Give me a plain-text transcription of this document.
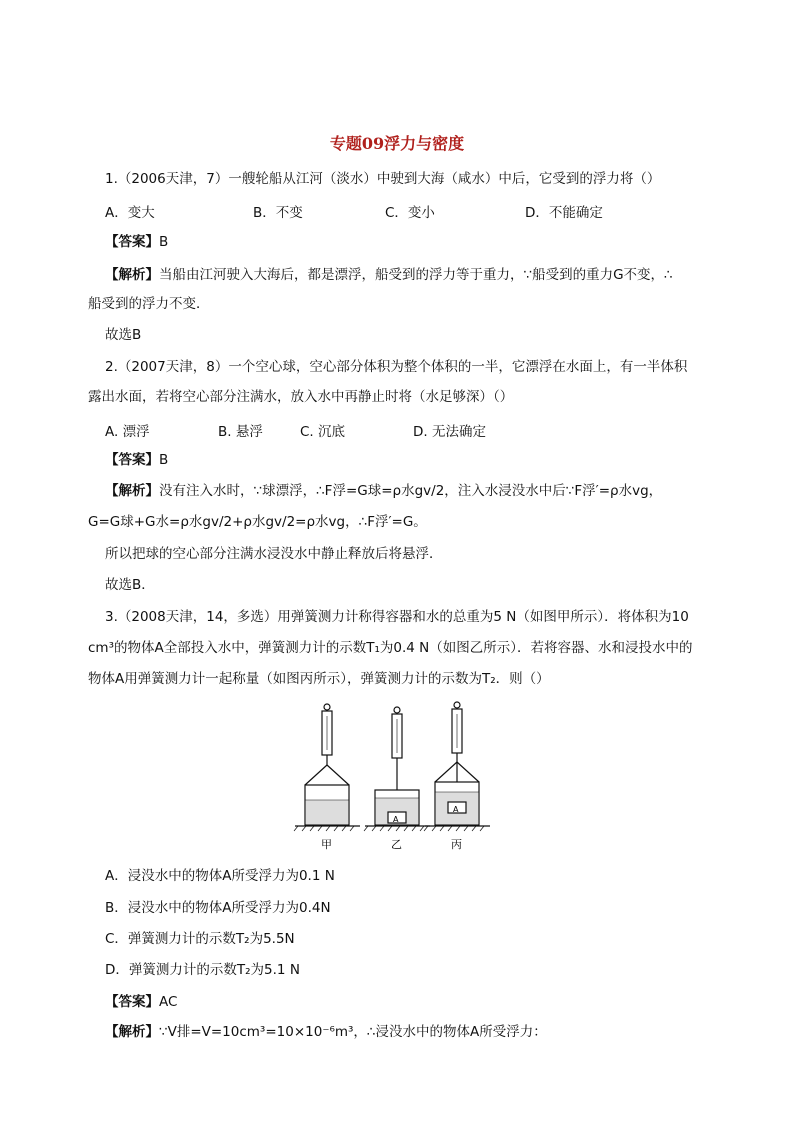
专题09浮力与密度
1.（2006天津，7）一艘轮船从江河（淡水）中驶到大海（咸水）中后，它受到的浮力将（）
A．变大	B．不变	C．变小	D．不能确定
【答案】B
【解析】当船由江河驶入大海后，都是漂浮，船受到的浮力等于重力，∵船受到的重力G不变，∴
船受到的浮力不变．
故选B
2.（2007天津，8）一个空心球，空心部分体积为整个体积的一半，它漂浮在水面上，有一半体积
露出水面，若将空心部分注满水，放入水中再静止时将（水足够深）（）
A. 漂浮	B. 悬浮	C. 沉底	D. 无法确定
【答案】B
【解析】没有注入水时，∵球漂浮，∴F浮=G球=ρ水gv/2，注入水浸没水中后∵F浮′=ρ水vg，
G=G球+G水=ρ水gv/2+ρ水gv/2=ρ水vg，∴F浮′=G。
所以把球的空心部分注满水浸没水中静止释放后将悬浮．
故选B．
3.（2008天津，14，多选）用弹簧测力计称得容器和水的总重为5 N（如图甲所示）．将体积为10
cm³的物体A全部投入水中，弹簧测力计的示数T₁为0.4 N（如图乙所示）．若将容器、水和浸投水中的
物体A用弹簧测力计一起称量（如图丙所示），弹簧测力计的示数为T₂．则（）
A
A
甲	乙	丙
A．浸没水中的物体A所受浮力为0.1 N
B．浸没水中的物体A所受浮力为0.4N
C．弹簧测力计的示数T₂为5.5N
D．弹簧测力计的示数T₂为5.1 N
【答案】AC
【解析】∵V排=V=10cm³=10×10⁻⁶m³，∴浸没水中的物体A所受浮力：
